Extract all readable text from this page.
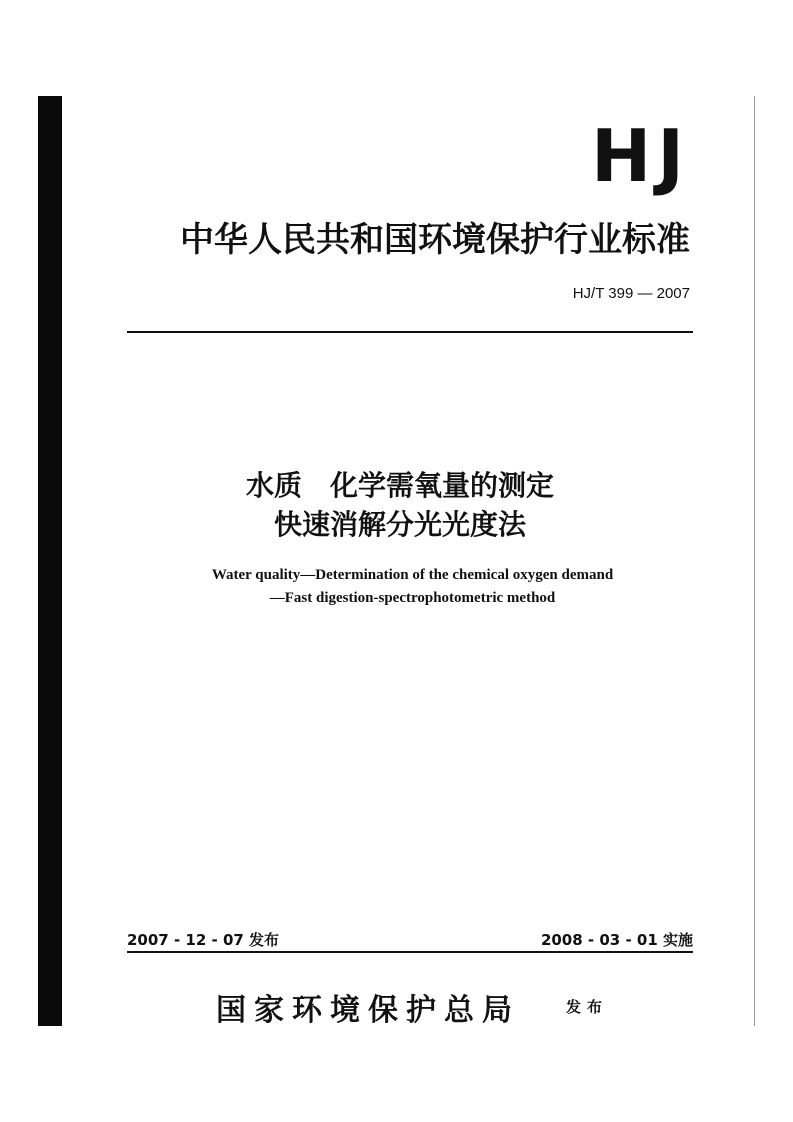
HJ
中华人民共和国环境保护行业标准
HJ/T 399 — 2007
水质　化学需氧量的测定
快速消解分光光度法
Water quality—Determination of the chemical oxygen demand
—Fast digestion-spectrophotometric method
2007 - 12 - 07 发布	2008 - 03 - 01 实施
国家环境保护总局	发布
